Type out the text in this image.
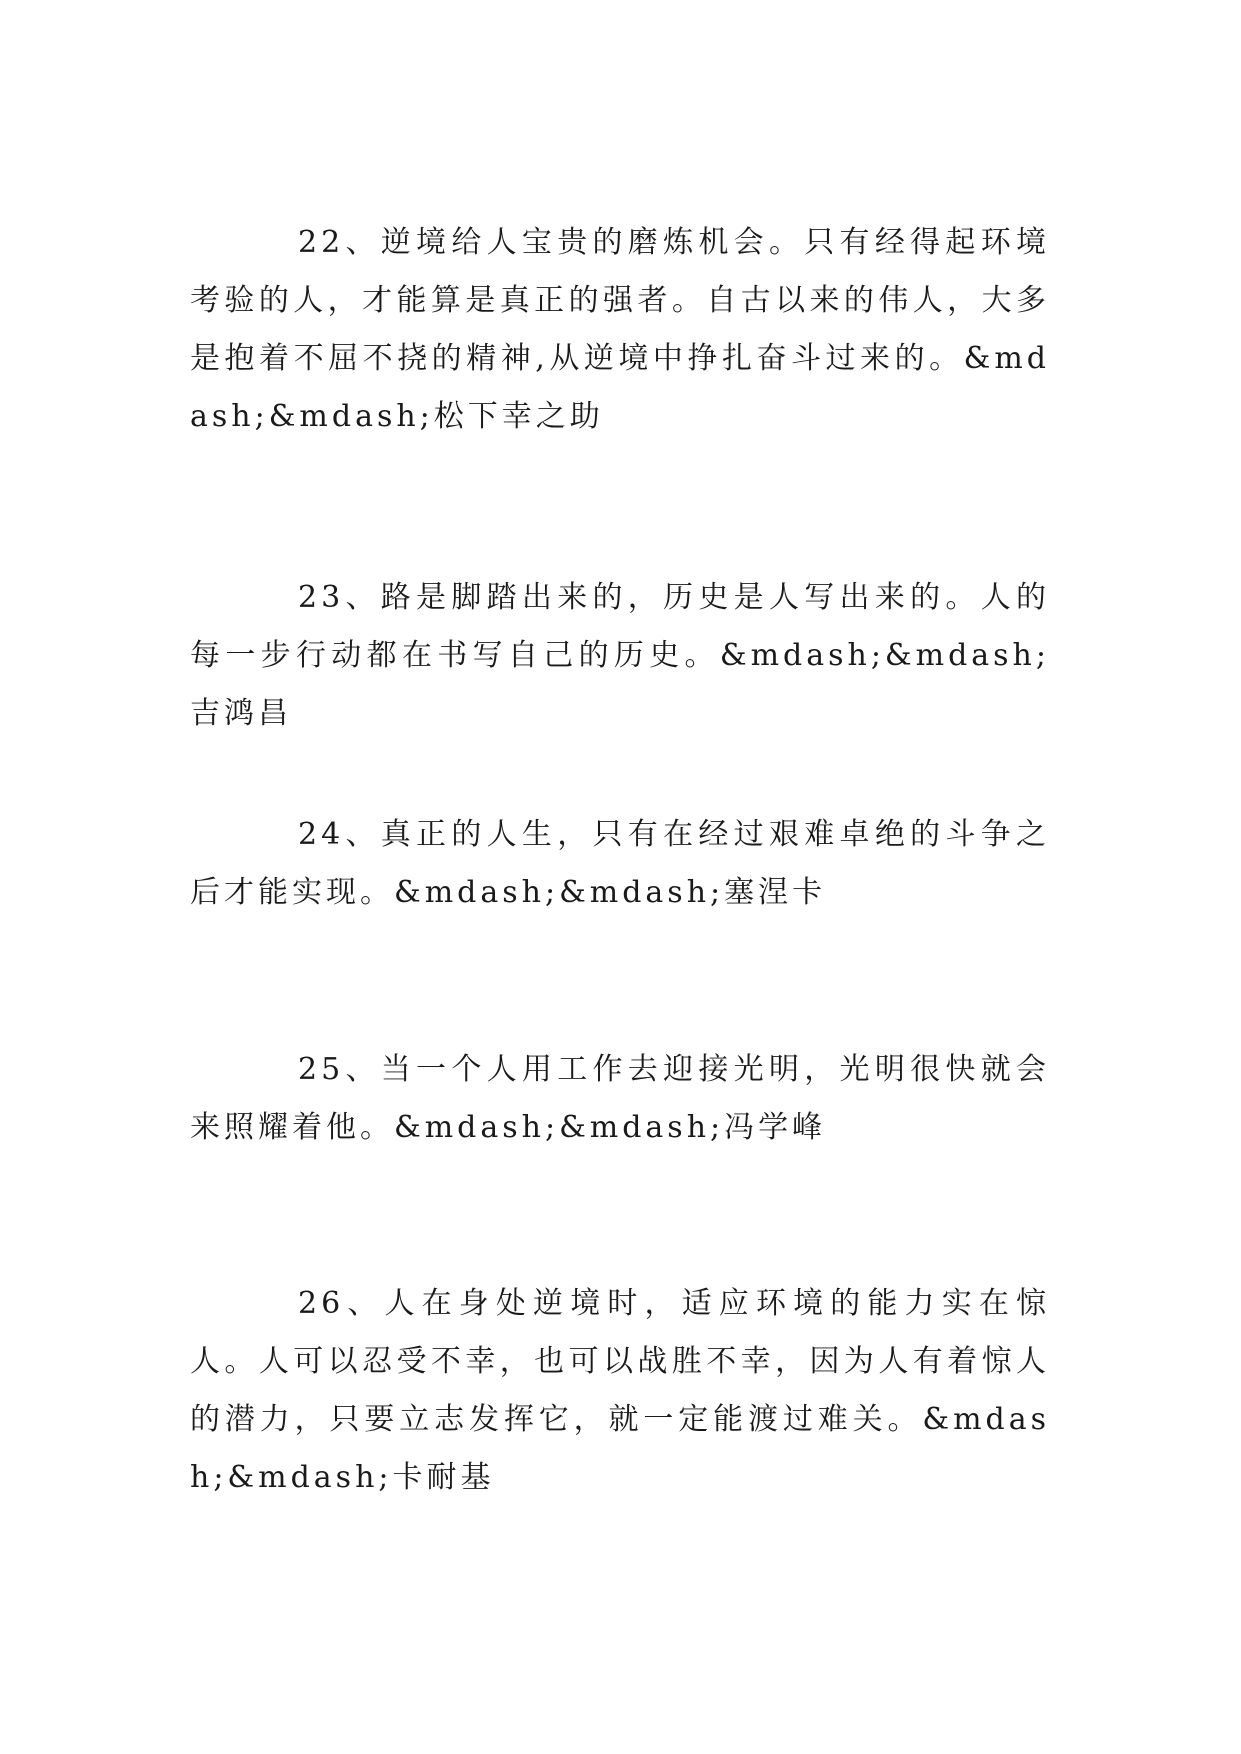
22、逆境给人宝贵的磨炼机会。只有经得起环境考验的人，才能算是真正的强者。自古以来的伟人，大多是抱着不屈不挠的精神,从逆境中挣扎奋斗过来的。&mdash;&mdash;松下幸之助

23、路是脚踏出来的，历史是人写出来的。人的每一步行动都在书写自己的历史。&mdash;&mdash;吉鸿昌

24、真正的人生，只有在经过艰难卓绝的斗争之后才能实现。&mdash;&mdash;塞涅卡

25、当一个人用工作去迎接光明，光明很快就会来照耀着他。&mdash;&mdash;冯学峰

26、人在身处逆境时，适应环境的能力实在惊人。人可以忍受不幸，也可以战胜不幸，因为人有着惊人的潜力，只要立志发挥它，就一定能渡过难关。&mdash;&mdash;卡耐基
